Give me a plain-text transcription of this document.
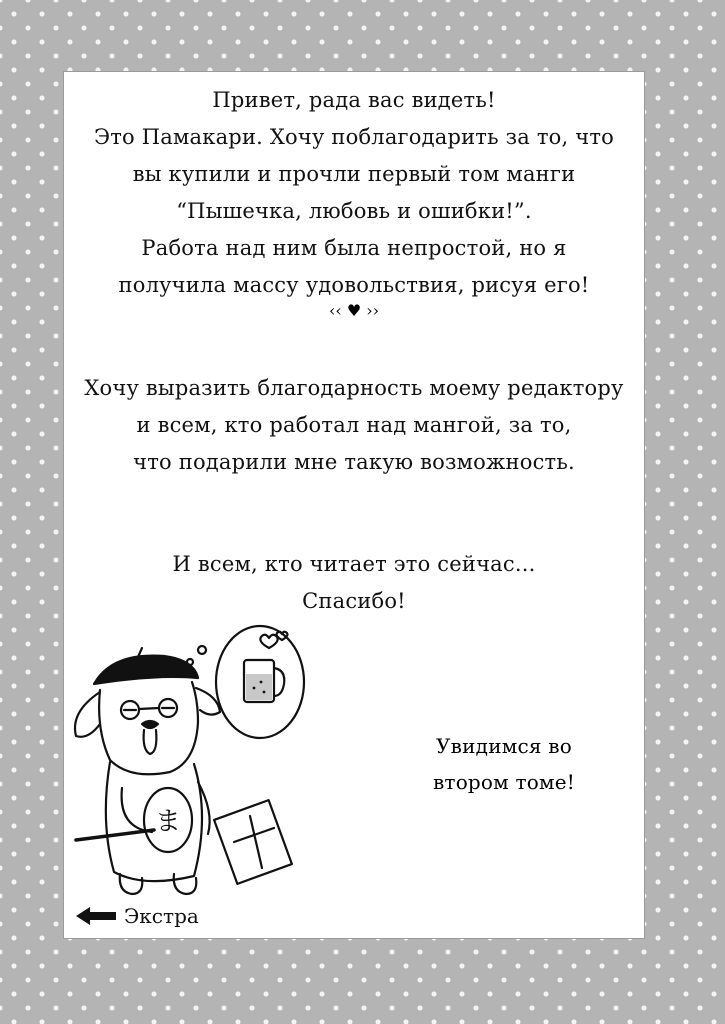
Привет, рада вас видеть!
Это Памакари. Хочу поблагодарить за то, что
вы купили и прочли первый том манги
“Пышечка, любовь и ошибки!”.
Работа над ним была непростой, но я
получила массу удовольствия, рисуя его!
‹‹ ♥ ››
Хочу выразить благодарность моему редактору
и всем, кто работал над мангой, за то,
что подарили мне такую возможность.
И всем, кто читает это сейчас...
Спасибо!
Увидимся во
втором томе!
ま
Экстра
